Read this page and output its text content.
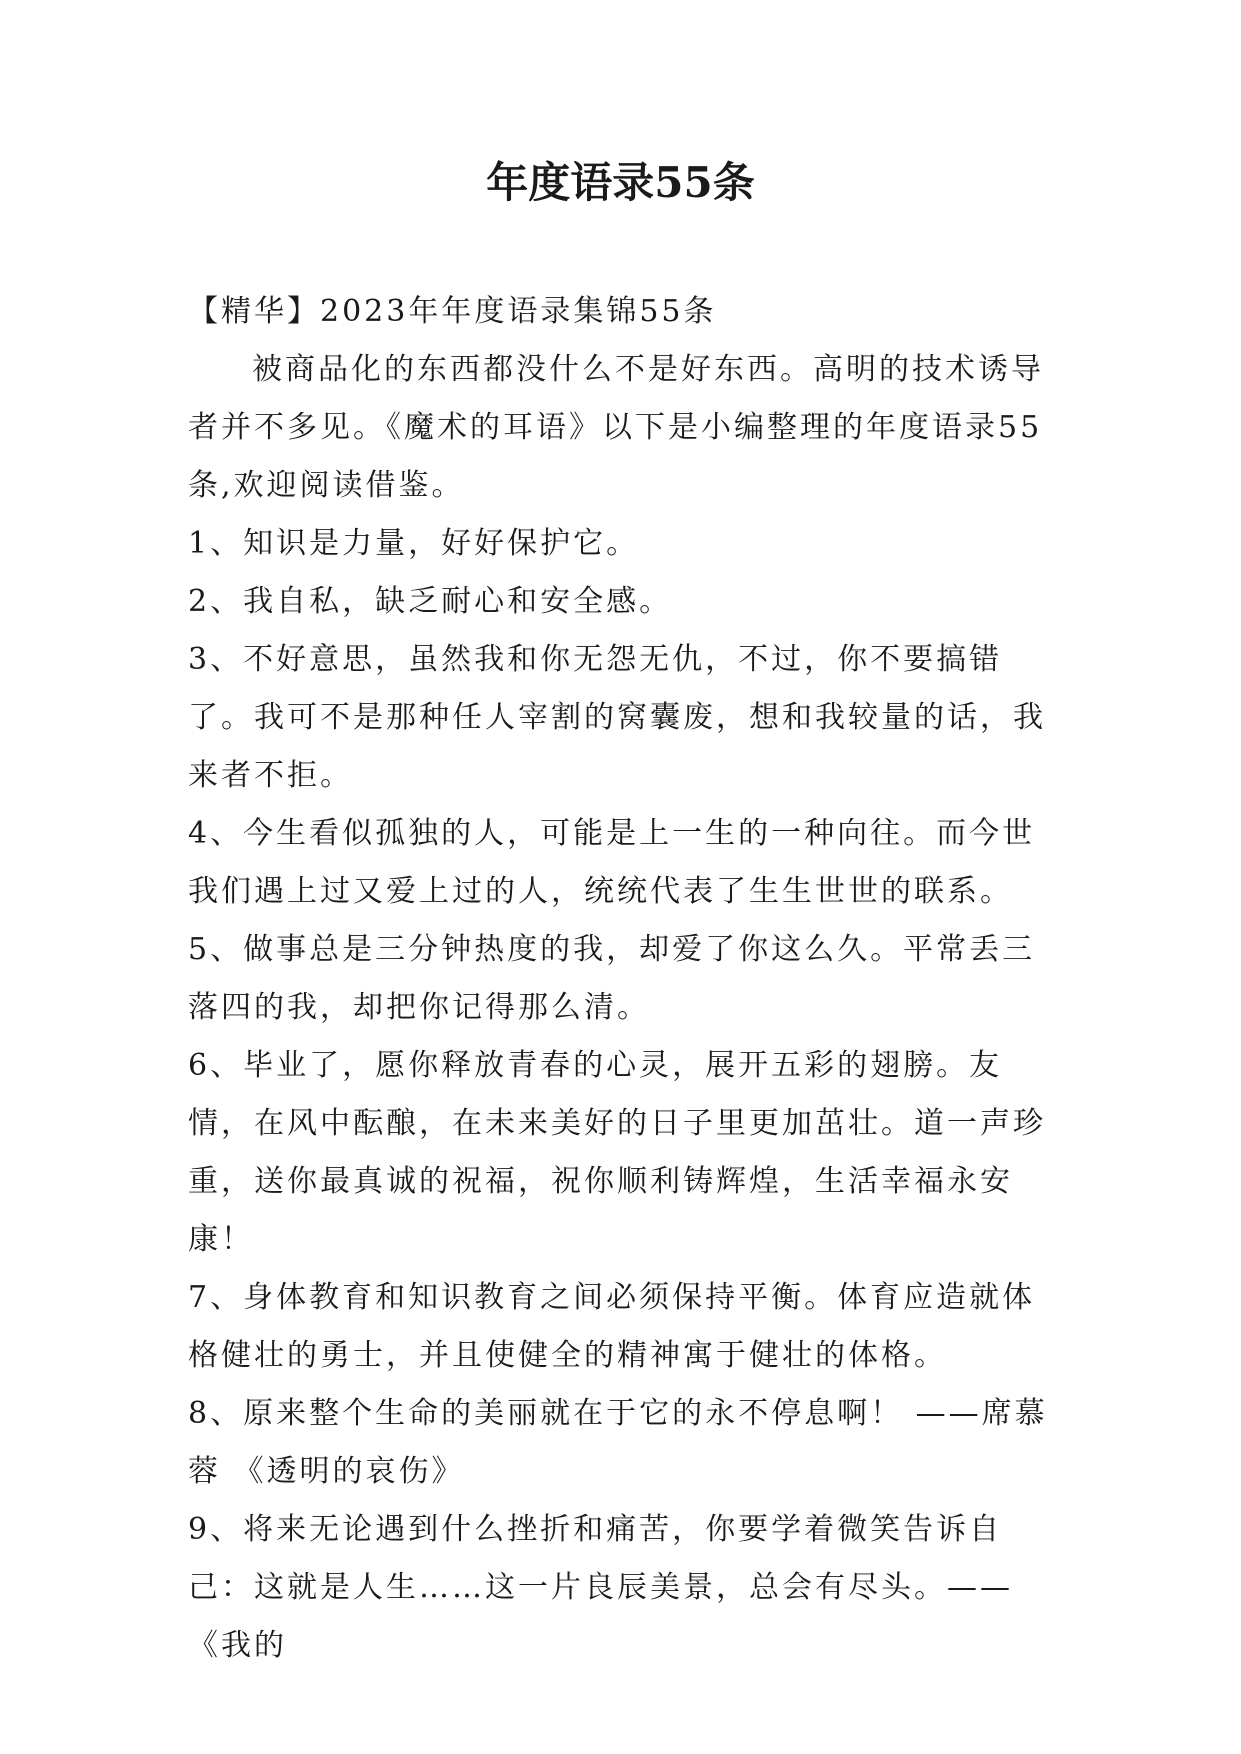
年度语录55条

【精华】2023年年度语录集锦55条

被商品化的东西都没什么不是好东西。高明的技术诱导者并不多见。《魔术的耳语》以下是小编整理的年度语录55条,欢迎阅读借鉴。

1、知识是力量，好好保护它。

2、我自私，缺乏耐心和安全感。

3、不好意思，虽然我和你无怨无仇，不过，你不要搞错了。我可不是那种任人宰割的窝囊废，想和我较量的话，我来者不拒。

4、今生看似孤独的人，可能是上一生的一种向往。而今世我们遇上过又爱上过的人，统统代表了生生世世的联系。

5、做事总是三分钟热度的我，却爱了你这么久。平常丢三落四的我，却把你记得那么清。

6、毕业了，愿你释放青春的心灵，展开五彩的翅膀。友情，在风中酝酿，在未来美好的日子里更加茁壮。道一声珍重，送你最真诚的祝福，祝你顺利铸辉煌，生活幸福永安康！

7、身体教育和知识教育之间必须保持平衡。体育应造就体格健壮的勇士，并且使健全的精神寓于健壮的体格。

8、原来整个生命的美丽就在于它的永不停息啊！ ——席慕蓉 《透明的哀伤》

9、将来无论遇到什么挫折和痛苦，你要学着微笑告诉自己：这就是人生……这一片良辰美景，总会有尽头。——《我的
